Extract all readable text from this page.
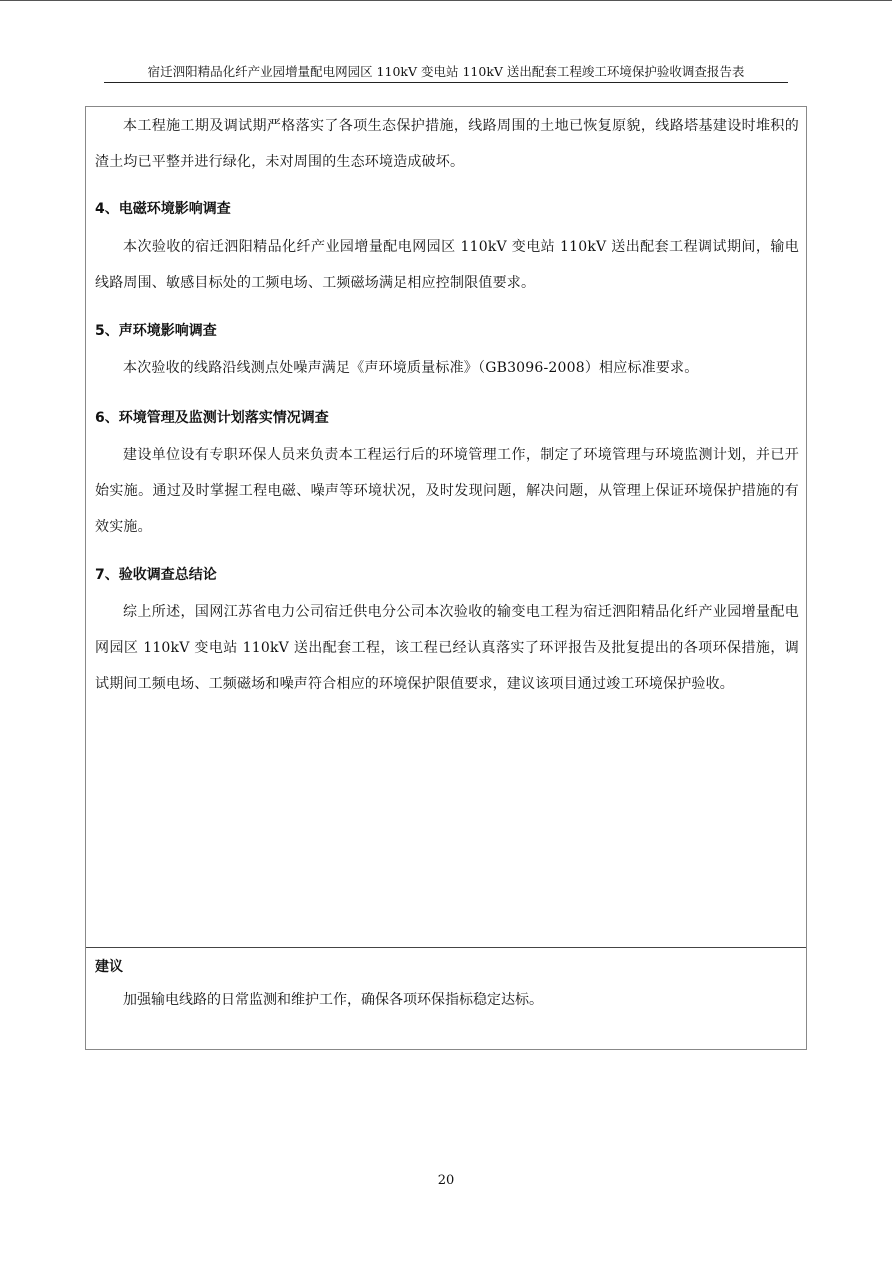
宿迁泗阳精品化纤产业园增量配电网园区 110kV 变电站 110kV 送出配套工程竣工环境保护验收调查报告表
本工程施工期及调试期严格落实了各项生态保护措施，线路周围的土地已恢复原貌，线路塔基建设时堆积的渣土均已平整并进行绿化，未对周围的生态环境造成破坏。
4、电磁环境影响调查
本次验收的宿迁泗阳精品化纤产业园增量配电网园区 110kV 变电站 110kV 送出配套工程调试期间，输电线路周围、敏感目标处的工频电场、工频磁场满足相应控制限值要求。
5、声环境影响调查
本次验收的线路沿线测点处噪声满足《声环境质量标准》（GB3096-2008）相应标准要求。
6、环境管理及监测计划落实情况调查
建设单位设有专职环保人员来负责本工程运行后的环境管理工作，制定了环境管理与环境监测计划，并已开始实施。通过及时掌握工程电磁、噪声等环境状况，及时发现问题，解决问题，从管理上保证环境保护措施的有效实施。
7、验收调查总结论
综上所述，国网江苏省电力公司宿迁供电分公司本次验收的输变电工程为宿迁泗阳精品化纤产业园增量配电网园区 110kV 变电站 110kV 送出配套工程，该工程已经认真落实了环评报告及批复提出的各项环保措施，调试期间工频电场、工频磁场和噪声符合相应的环境保护限值要求，建议该项目通过竣工环境保护验收。
建议
加强输电线路的日常监测和维护工作，确保各项环保指标稳定达标。
20
